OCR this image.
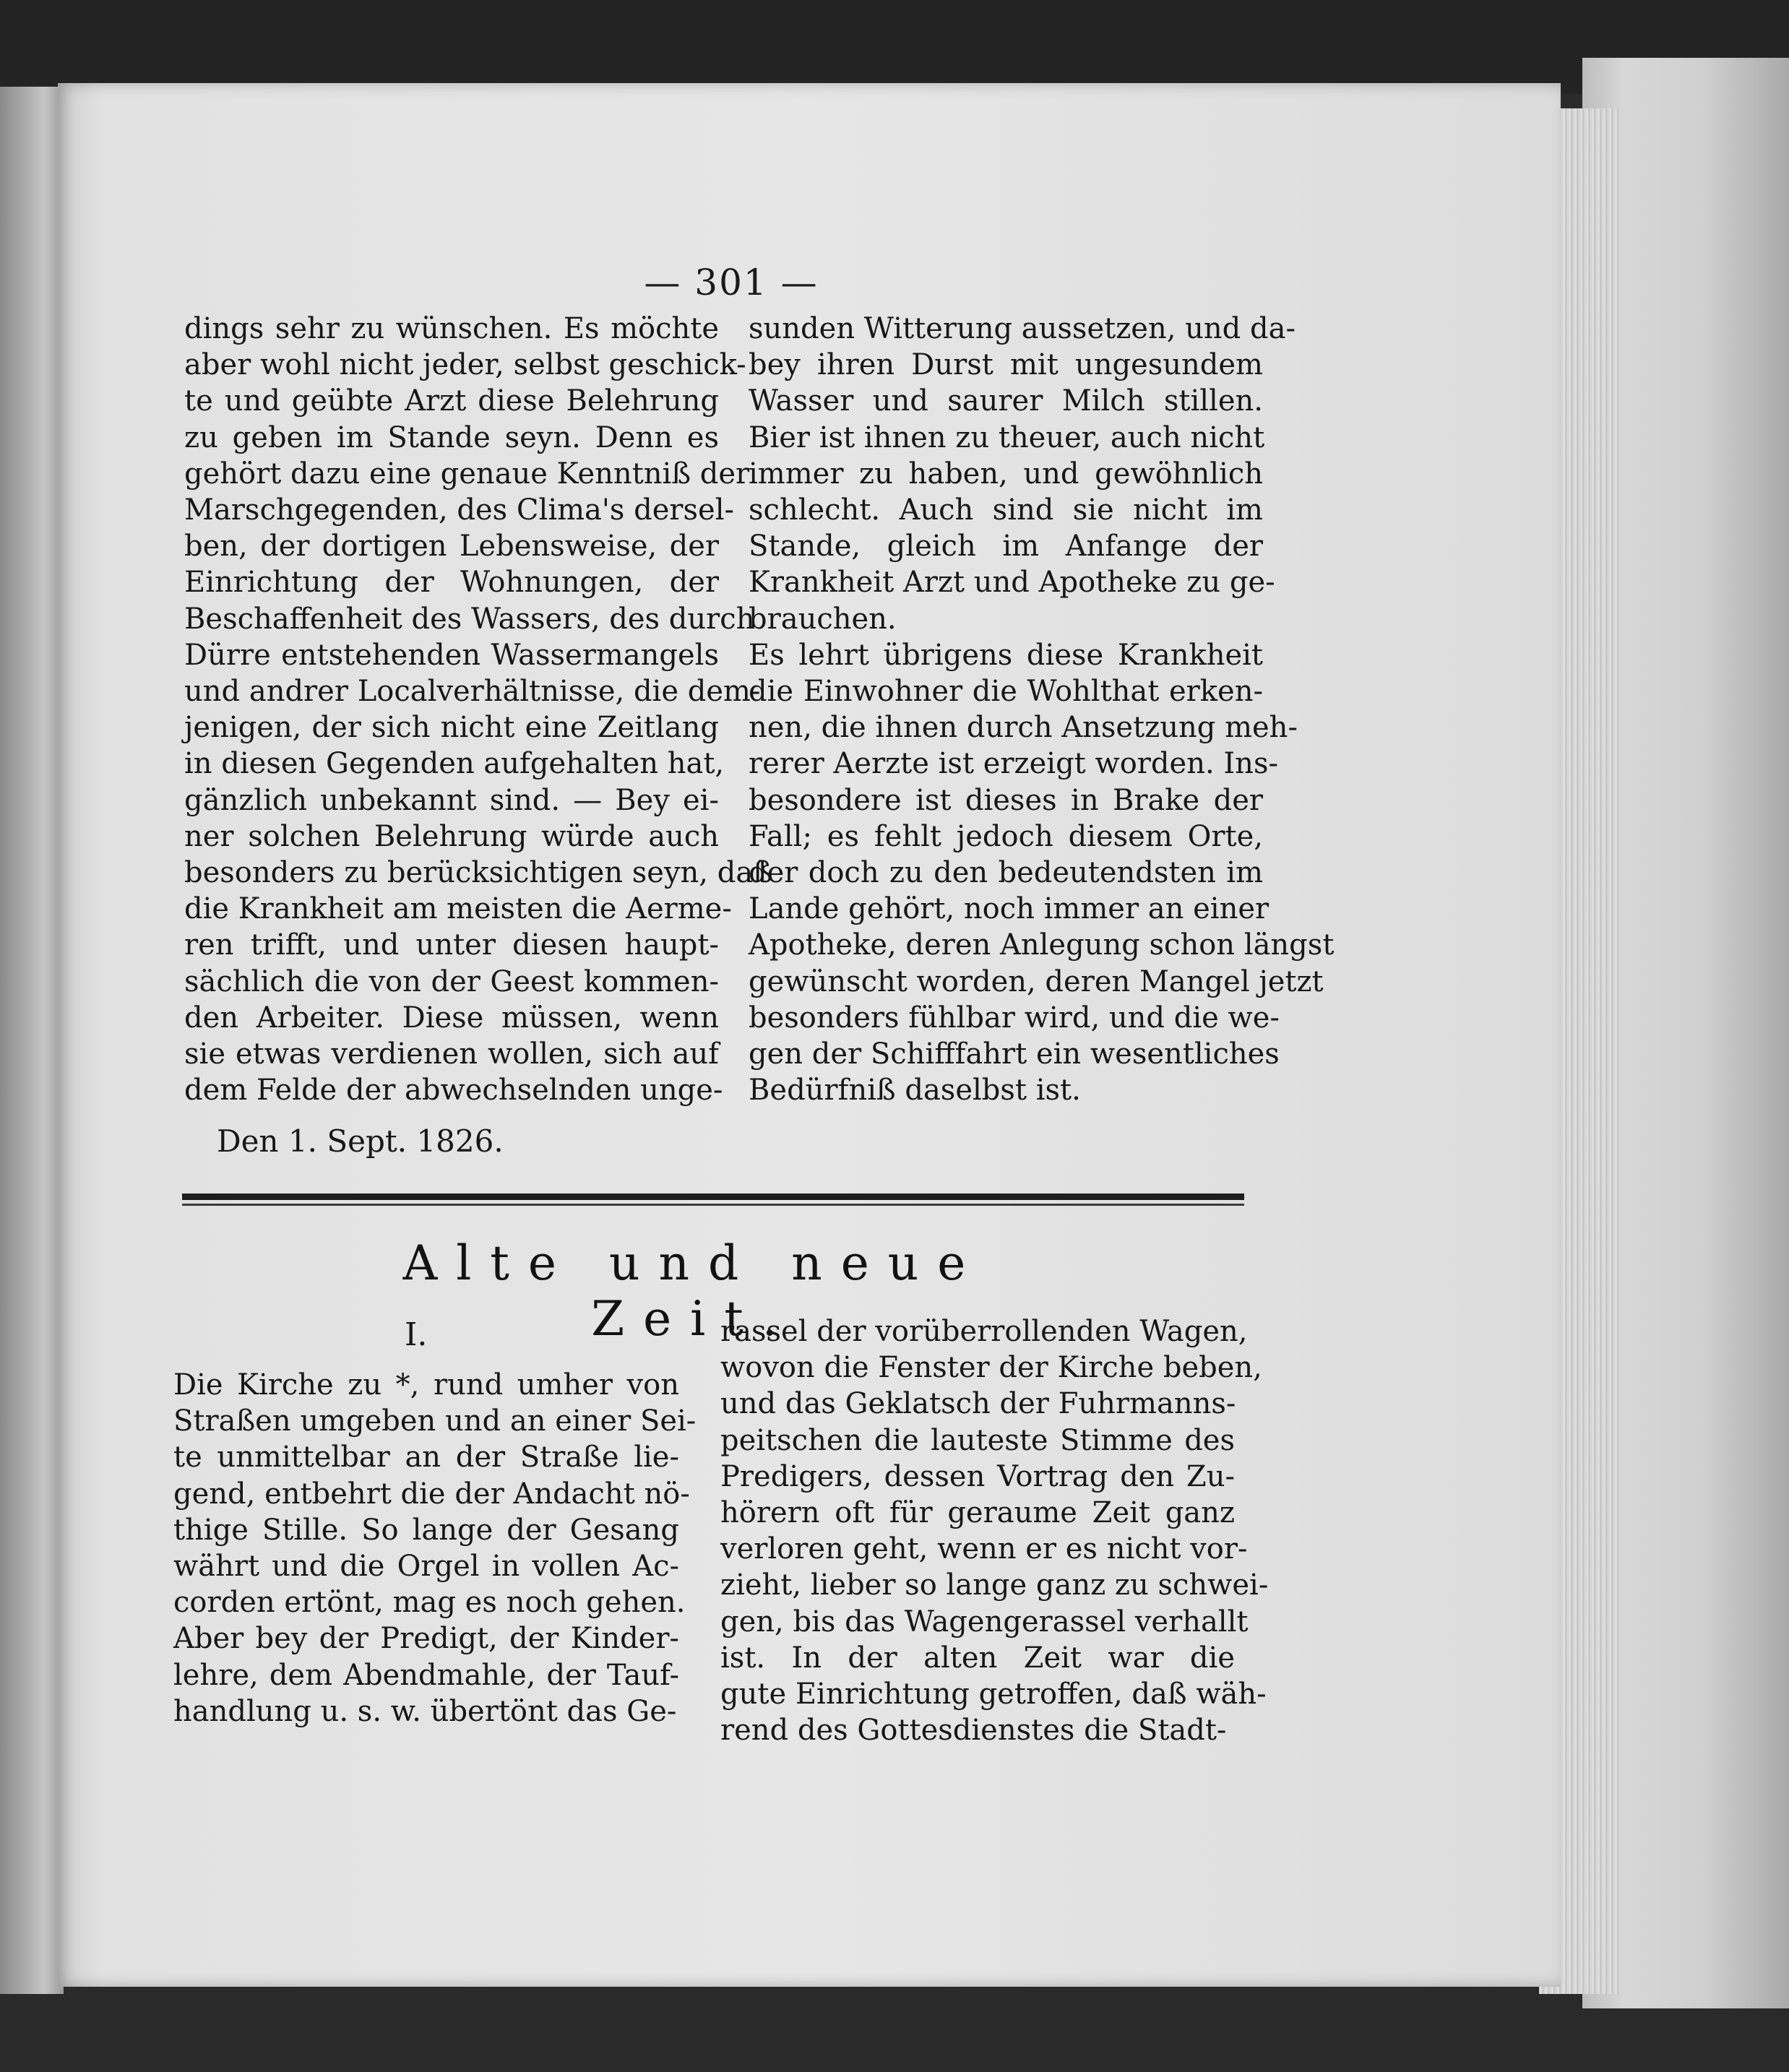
— 301 —
dings sehr zu wünschen. Es möchte
aber wohl nicht jeder, selbst geschick-
te und geübte Arzt diese Belehrung
zu geben im Stande seyn. Denn es
gehört dazu eine genaue Kenntniß der
Marschgegenden, des Clima's dersel-
ben, der dortigen Lebensweise, der
Einrichtung der Wohnungen, der
Beschaffenheit des Wassers, des durch
Dürre entstehenden Wassermangels
und andrer Localverhältnisse, die dem-
jenigen, der sich nicht eine Zeitlang
in diesen Gegenden aufgehalten hat,
gänzlich unbekannt sind. — Bey ei-
ner solchen Belehrung würde auch
besonders zu berücksichtigen seyn, daß
die Krankheit am meisten die Aerme-
ren trifft, und unter diesen haupt-
sächlich die von der Geest kommen-
den Arbeiter. Diese müssen, wenn
sie etwas verdienen wollen, sich auf
dem Felde der abwechselnden unge-
sunden Witterung aussetzen, und da-
bey ihren Durst mit ungesundem
Wasser und saurer Milch stillen.
Bier ist ihnen zu theuer, auch nicht
immer zu haben, und gewöhnlich
schlecht. Auch sind sie nicht im
Stande, gleich im Anfange der
Krankheit Arzt und Apotheke zu ge-
brauchen.
Es lehrt übrigens diese Krankheit
die Einwohner die Wohlthat erken-
nen, die ihnen durch Ansetzung meh-
rerer Aerzte ist erzeigt worden. Ins-
besondere ist dieses in Brake der
Fall; es fehlt jedoch diesem Orte,
der doch zu den bedeutendsten im
Lande gehört, noch immer an einer
Apotheke, deren Anlegung schon längst
gewünscht worden, deren Mangel jetzt
besonders fühlbar wird, und die we-
gen der Schifffahrt ein wesentliches
Bedürfniß daselbst ist.

Den 1. Sept. 1826.

Alte und neue Zeit.

I.

Die Kirche zu *, rund umher von
Straßen umgeben und an einer Sei-
te unmittelbar an der Straße lie-
gend, entbehrt die der Andacht nö-
thige Stille. So lange der Gesang
währt und die Orgel in vollen Ac-
corden ertönt, mag es noch gehen.
Aber bey der Predigt, der Kinder-
lehre, dem Abendmahle, der Tauf-
handlung u. s. w. übertönt das Ge-
rassel der vorüberrollenden Wagen,
wovon die Fenster der Kirche beben,
und das Geklatsch der Fuhrmanns-
peitschen die lauteste Stimme des
Predigers, dessen Vortrag den Zu-
hörern oft für geraume Zeit ganz
verloren geht, wenn er es nicht vor-
zieht, lieber so lange ganz zu schwei-
gen, bis das Wagengerassel verhallt
ist. In der alten Zeit war die
gute Einrichtung getroffen, daß wäh-
rend des Gottesdienstes die Stadt-
